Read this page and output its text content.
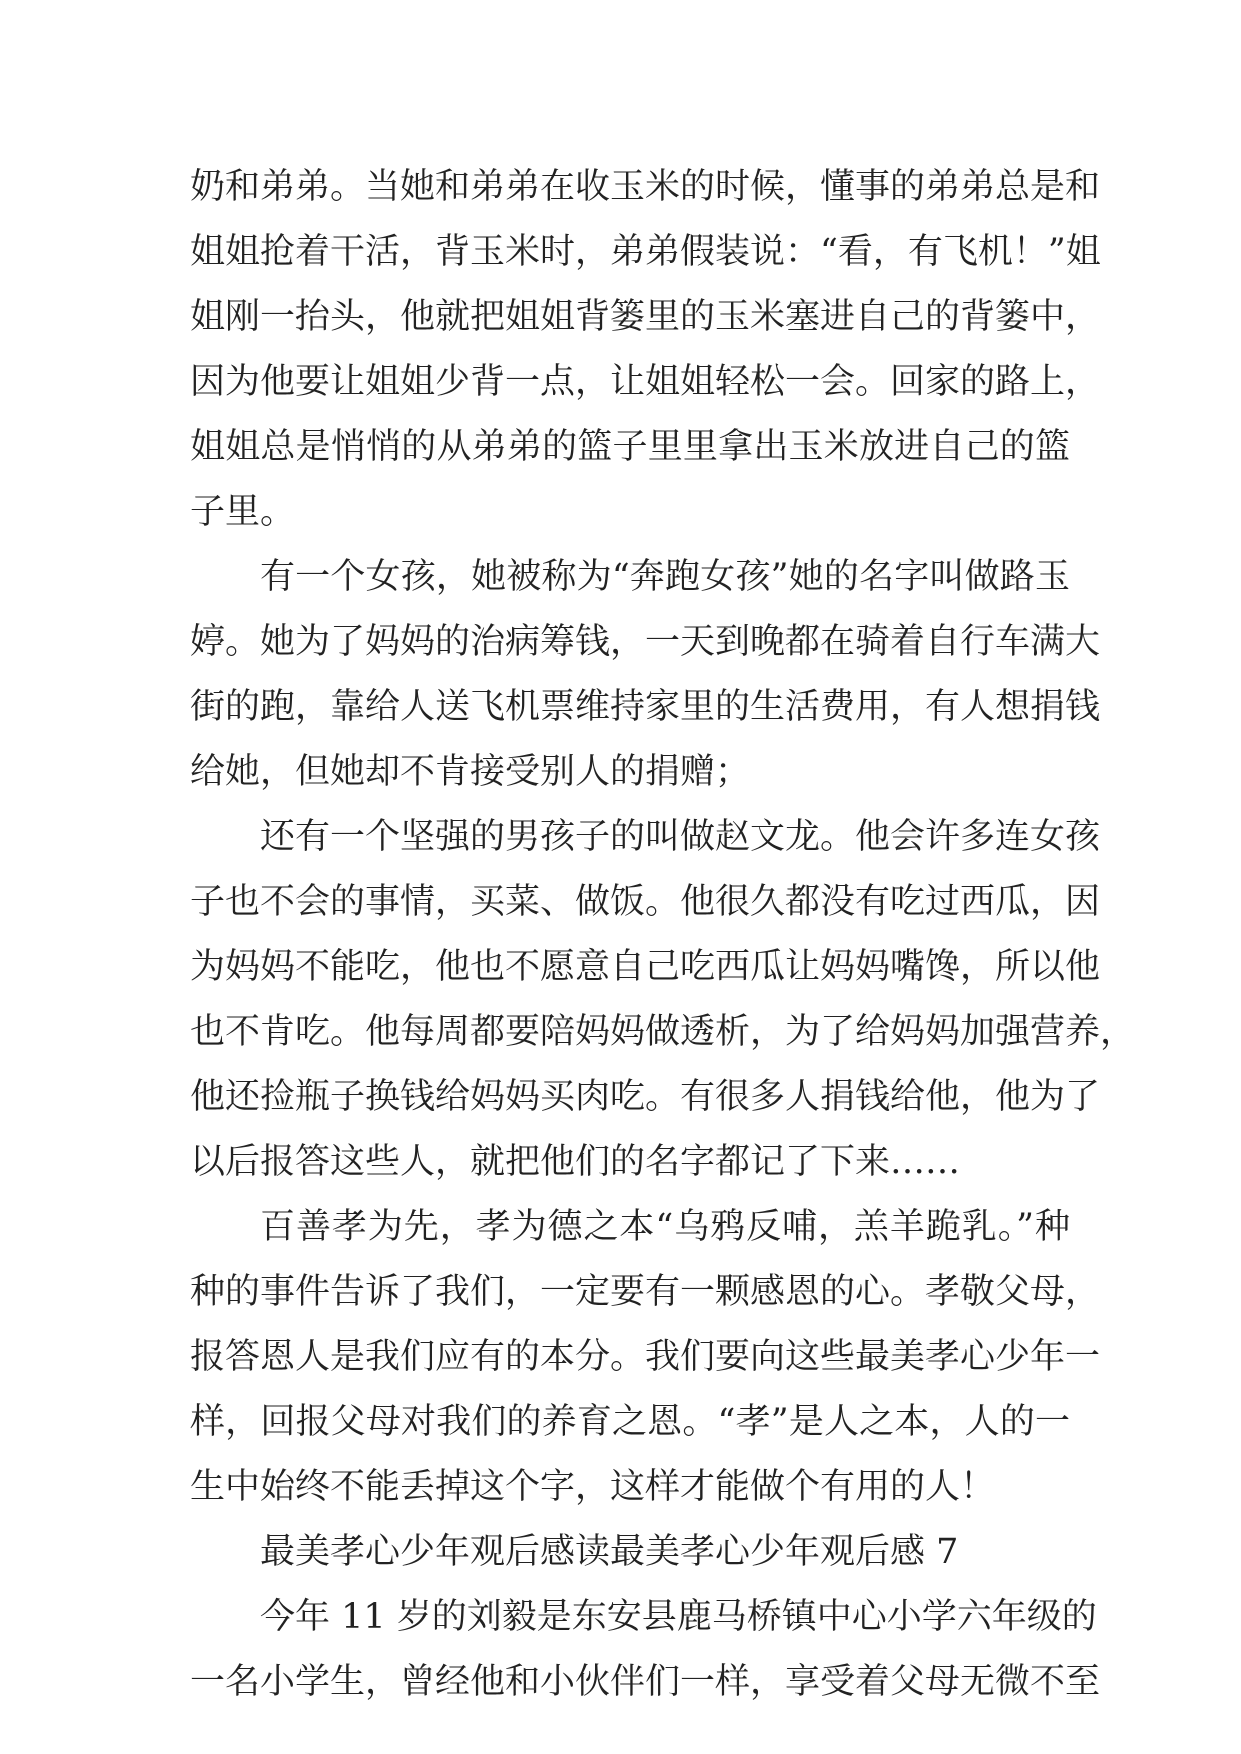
奶和弟弟。当她和弟弟在收玉米的时候，懂事的弟弟总是和
姐姐抢着干活，背玉米时，弟弟假装说：“看，有飞机！”姐
姐刚一抬头，他就把姐姐背篓里的玉米塞进自己的背篓中，
因为他要让姐姐少背一点，让姐姐轻松一会。回家的路上，
姐姐总是悄悄的从弟弟的篮子里里拿出玉米放进自己的篮
子里。
有一个女孩，她被称为“奔跑女孩”她的名字叫做路玉
婷。她为了妈妈的治病筹钱，一天到晚都在骑着自行车满大
街的跑，靠给人送飞机票维持家里的生活费用，有人想捐钱
给她，但她却不肯接受别人的捐赠；
还有一个坚强的男孩子的叫做赵文龙。他会许多连女孩
子也不会的事情，买菜、做饭。他很久都没有吃过西瓜，因
为妈妈不能吃，他也不愿意自己吃西瓜让妈妈嘴馋，所以他
也不肯吃。他每周都要陪妈妈做透析，为了给妈妈加强营养，
他还捡瓶子换钱给妈妈买肉吃。有很多人捐钱给他，他为了
以后报答这些人，就把他们的名字都记了下来……
百善孝为先，孝为德之本“乌鸦反哺，羔羊跪乳。”种
种的事件告诉了我们，一定要有一颗感恩的心。孝敬父母，
报答恩人是我们应有的本分。我们要向这些最美孝心少年一
样，回报父母对我们的养育之恩。“孝”是人之本，人的一
生中始终不能丢掉这个字，这样才能做个有用的人！
最美孝心少年观后感读最美孝心少年观后感 7
今年 11 岁的刘毅是东安县鹿马桥镇中心小学六年级的
一名小学生，曾经他和小伙伴们一样，享受着父母无微不至
